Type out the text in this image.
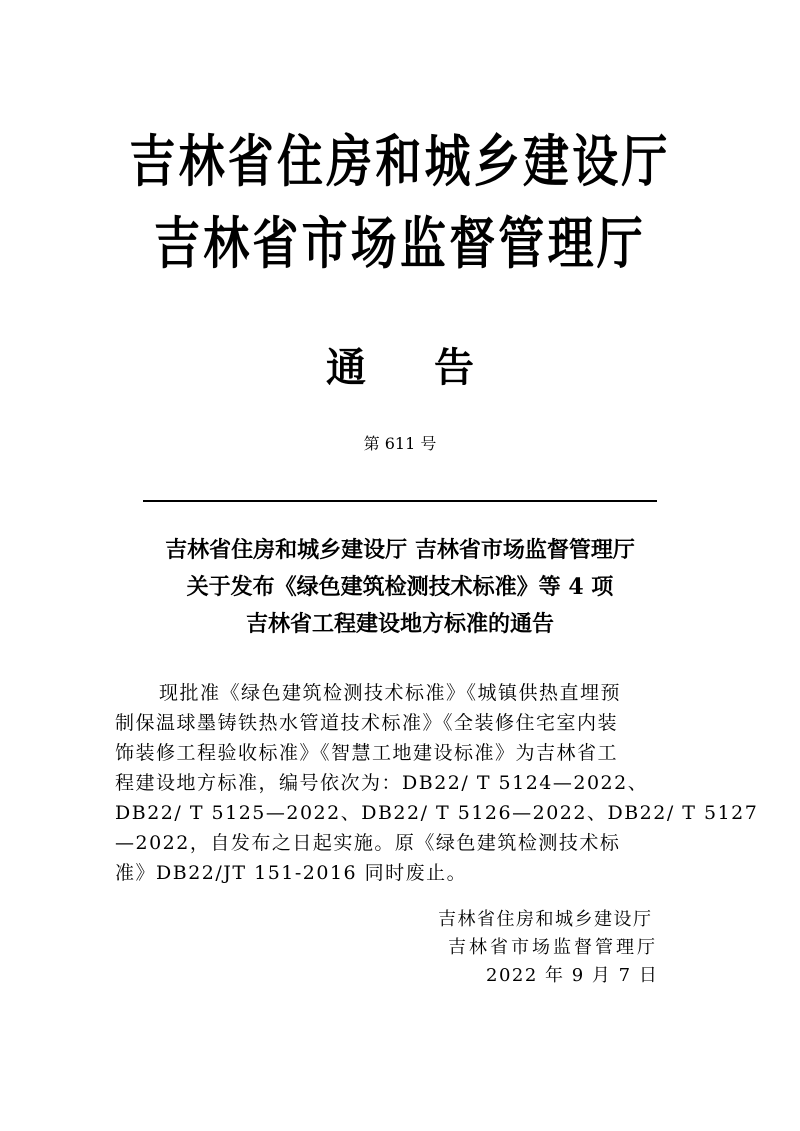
吉林省住房和城乡建设厅
吉林省市场监督管理厅
通 告
第 611 号
吉林省住房和城乡建设厅 吉林省市场监督管理厅
关于发布《绿色建筑检测技术标准》等 4 项
吉林省工程建设地方标准的通告
现批准《绿色建筑检测技术标准》《城镇供热直埋预
制保温球墨铸铁热水管道技术标准》《全装修住宅室内装
饰装修工程验收标准》《智慧工地建设标准》为吉林省工
程建设地方标准，编号依次为：DB22/ T 5124—2022、
DB22/ T 5125—2022、DB22/ T 5126—2022、DB22/ T 5127
—2022，自发布之日起实施。原《绿色建筑检测技术标
准》DB22/JT 151-2016 同时废止。
吉林省住房和城乡建设厅
吉林省市场监督管理厅
2022 年 9 月 7 日
